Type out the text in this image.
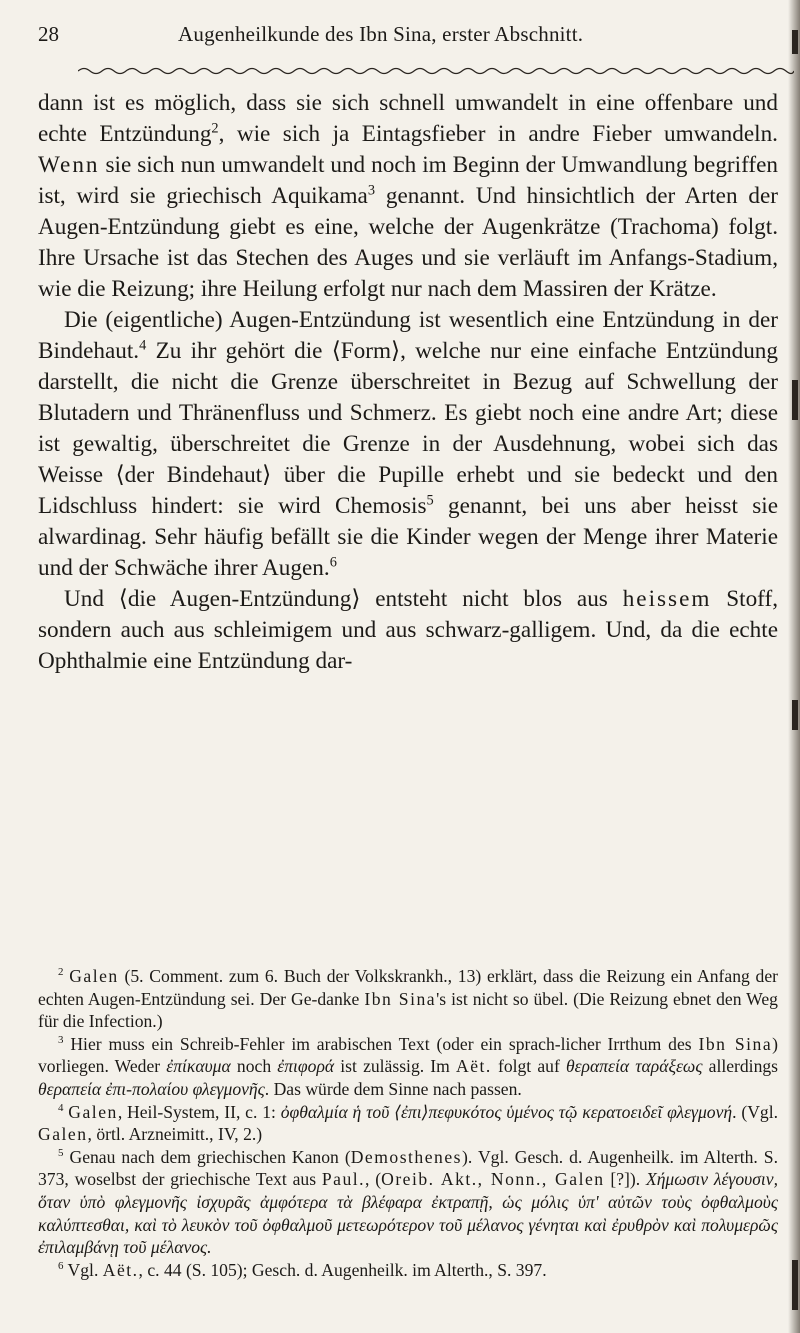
28	Augenheilkunde des Ibn Sina, erster Abschnitt.

dann ist es möglich, dass sie sich schnell umwandelt in eine offenbare und echte Entzündung$^2$, wie sich ja Eintagsfieber in andre Fieber umwandeln. Wenn sie sich nun umwandelt und noch im Beginn der Umwandlung begriffen ist, wird sie griechisch Aquikama$^3$ genannt. Und hinsichtlich der Arten der Augen-Entzündung giebt es eine, welche der Augenkrätze (Trachoma) folgt. Ihre Ursache ist das Stechen des Auges und sie verläuft im Anfangs-Stadium, wie die Reizung; ihre Heilung erfolgt nur nach dem Massiren der Krätze.

Die (eigentliche) Augen-Entzündung ist wesentlich eine Entzündung in der Bindehaut.$^4$ Zu ihr gehört die ⟨Form⟩, welche nur eine einfache Entzündung darstellt, die nicht die Grenze überschreitet in Bezug auf Schwellung der Blutadern und Thränenfluss und Schmerz. Es giebt noch eine andre Art; diese ist gewaltig, überschreitet die Grenze in der Ausdehnung, wobei sich das Weisse ⟨der Bindehaut⟩ über die Pupille erhebt und sie bedeckt und den Lidschluss hindert: sie wird Chemosis$^5$ genannt, bei uns aber heisst sie alwardinag. Sehr häufig befällt sie die Kinder wegen der Menge ihrer Materie und der Schwäche ihrer Augen.$^6$

Und ⟨die Augen-Entzündung⟩ entsteht nicht blos aus heissem Stoff, sondern auch aus schleimigem und aus schwarz-galligem. Und, da die echte Ophthalmie eine Entzündung dar-

$^2$ Galen (5. Comment. zum 6. Buch der Volkskrankh., 13) erklärt, dass die Reizung ein Anfang der echten Augen-Entzündung sei. Der Ge-danke Ibn Sina's ist nicht so übel. (Die Reizung ebnet den Weg für die Infection.)

$^3$ Hier muss ein Schreib-Fehler im arabischen Text (oder ein sprach-licher Irrthum des Ibn Sina) vorliegen. Weder ἐπίκαυμα noch ἐπιφορά ist zulässig. Im Aët. folgt auf θεραπεία ταράξεως allerdings θεραπεία ἐπι-πολαίου φλεγμονῆς. Das würde dem Sinne nach passen.

$^4$ Galen, Heil-System, II, c. 1: ὀφθαλμία ἡ τοῦ ⟨ἐπι⟩πεφυκότος ὑμένος τῷ κερατοειδεῖ φλεγμονή. (Vgl. Galen, örtl. Arzneimitt., IV, 2.)

$^5$ Genau nach dem griechischen Kanon (Demosthenes). Vgl. Gesch. d. Augenheilk. im Alterth. S. 373, woselbst der griechische Text aus Paul., (Oreib. Akt., Nonn., Galen [?]). Χήμωσιν λέγουσιν, ὅταν ὑπὸ φλεγμονῆς ἰσχυρᾶς ἀμφότερα τὰ βλέφαρα ἐκτραπῇ, ὡς μόλις ὑπ' αὐτῶν τοὺς ὀφθαλμοὺς καλύπτεσθαι, καὶ τὸ λευκὸν τοῦ ὀφθαλμοῦ μετεωρότερον τοῦ μέλανος γένηται καὶ ἐρυθρὸν καὶ πολυμερῶς ἐπιλαμβάνῃ τοῦ μέλανος.

$^6$ Vgl. Aët., c. 44 (S. 105); Gesch. d. Augenheilk. im Alterth., S. 397.
